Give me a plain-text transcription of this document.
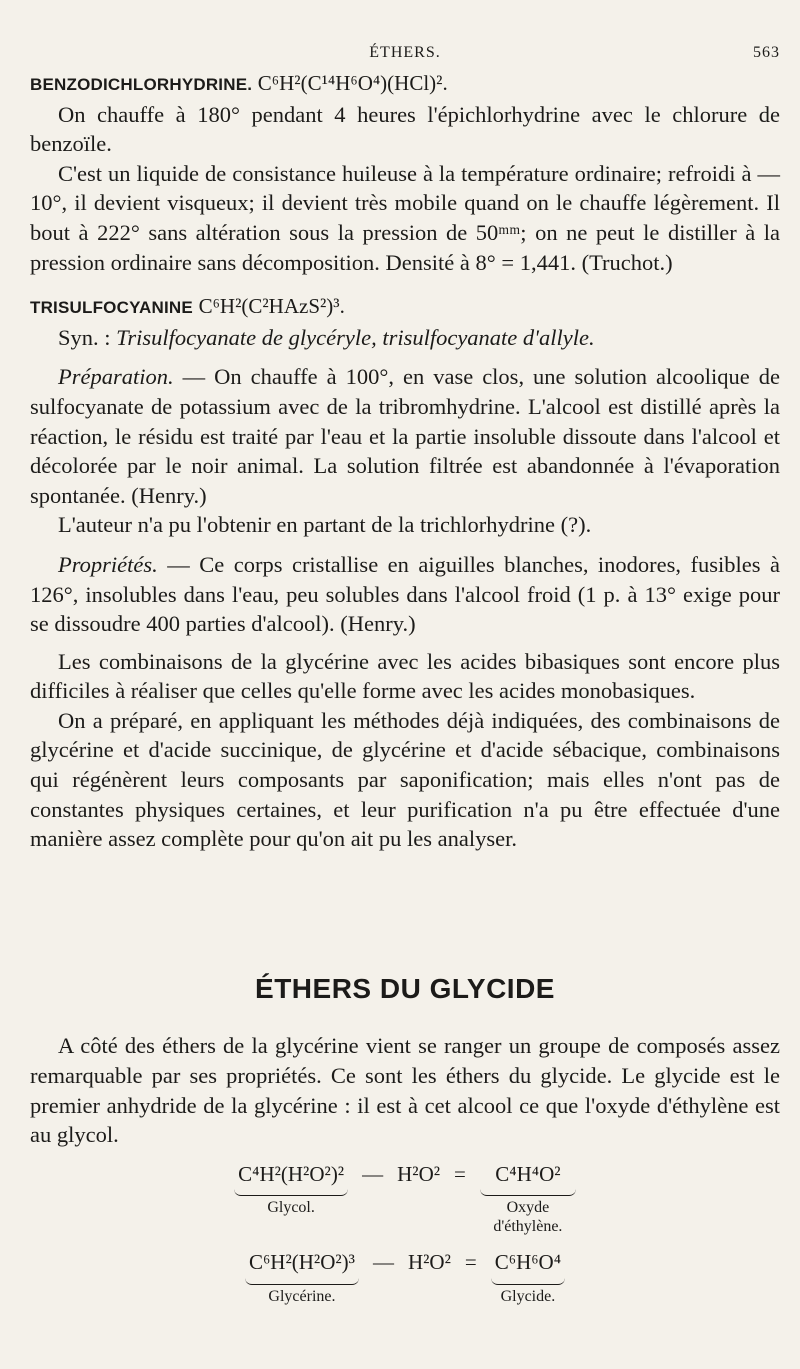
ÉTHERS.	563

BENZODICHLORHYDRINE. C⁶H²(C¹⁴H⁶O⁴)(HCl)².

On chauffe à 180° pendant 4 heures l'épichlorhydrine avec le chlorure de benzoïle.

C'est un liquide de consistance huileuse à la température ordinaire; refroidi à — 10°, il devient visqueux; il devient très mobile quand on le chauffe légèrement. Il bout à 222° sans altération sous la pression de 50ᵐᵐ; on ne peut le distiller à la pression ordinaire sans décomposition. Densité à 8° = 1,441. (Truchot.)

TRISULFOCYANINE C⁶H²(C²HAzS²)³.

Syn. : Trisulfocyanate de glycéryle, trisulfocyanate d'allyle.

Préparation. — On chauffe à 100°, en vase clos, une solution alcoolique de sulfocyanate de potassium avec de la tribromhydrine. L'alcool est distillé après la réaction, le résidu est traité par l'eau et la partie insoluble dissoute dans l'alcool et décolorée par le noir animal. La solution filtrée est abandonnée à l'évaporation spontanée. (Henry.)

L'auteur n'a pu l'obtenir en partant de la trichlorhydrine (?).

Propriétés. — Ce corps cristallise en aiguilles blanches, inodores, fusibles à 126°, insolubles dans l'eau, peu solubles dans l'alcool froid (1 p. à 13° exige pour se dissoudre 400 parties d'alcool). (Henry.)

Les combinaisons de la glycérine avec les acides bibasiques sont encore plus difficiles à réaliser que celles qu'elle forme avec les acides monobasiques.

On a préparé, en appliquant les méthodes déjà indiquées, des combinaisons de glycérine et d'acide succinique, de glycérine et d'acide sébacique, combinaisons qui régénèrent leurs composants par saponification; mais elles n'ont pas de constantes physiques certaines, et leur purification n'a pu être effectuée d'une manière assez complète pour qu'on ait pu les analyser.

ÉTHERS DU GLYCIDE

A côté des éthers de la glycérine vient se ranger un groupe de composés assez remarquable par ses propriétés. Ce sont les éthers du glycide. Le glycide est le premier anhydride de la glycérine : il est à cet alcool ce que l'oxyde d'éthylène est au glycol.

C⁴H²(H²O²)²
Glycol.
— H²O² =	C⁴H⁴O²
Oxyde d'éthylène.
C⁶H²(H²O²)³
Glycérine.
— H²O² = C⁶H⁶O⁴
Glycide.
